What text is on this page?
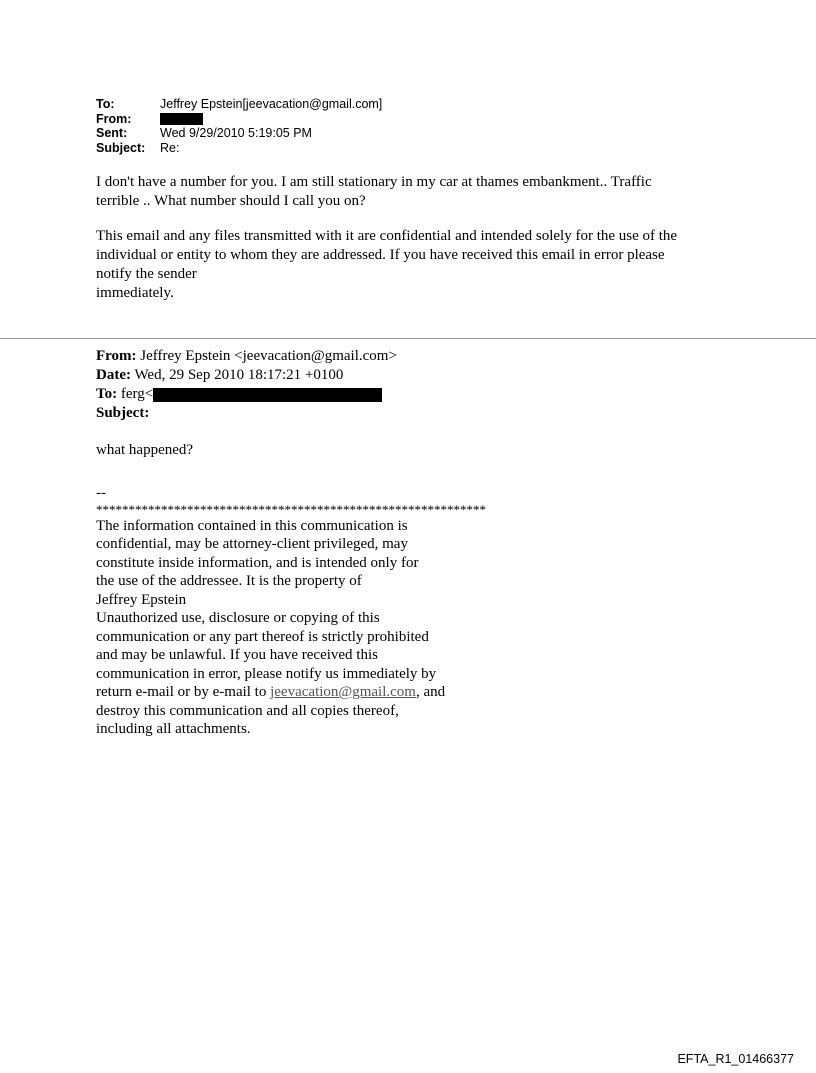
To:	Jeffrey Epstein[jeevacation@gmail.com]
From:
Sent:	Wed 9/29/2010 5:19:05 PM
Subject: Re:
I don't have a number for you. I am still stationary in my car at thames embankment.. Traffic
terrible .. What number should I call you on?
This email and any files transmitted with it are confidential and intended solely for the use of the
individual or entity to whom they are addressed. If you have received this email in error please
notify the sender
immediately.
From: Jeffrey Epstein <jeevacation@gmail.com>
Date: Wed, 29 Sep 2010 18:17:21 +0100
To: ferg<
Subject:
what happened?
--
************************************************************
The information contained in this communication is
confidential, may be attorney-client privileged, may
constitute inside information, and is intended only for
the use of the addressee. It is the property of
Jeffrey Epstein
Unauthorized use, disclosure or copying of this
communication or any part thereof is strictly prohibited
and may be unlawful. If you have received this
communication in error, please notify us immediately by
return e-mail or by e-mail to jeevacation@gmail.com, and
destroy this communication and all copies thereof,
including all attachments.
EFTA_R1_01466377
